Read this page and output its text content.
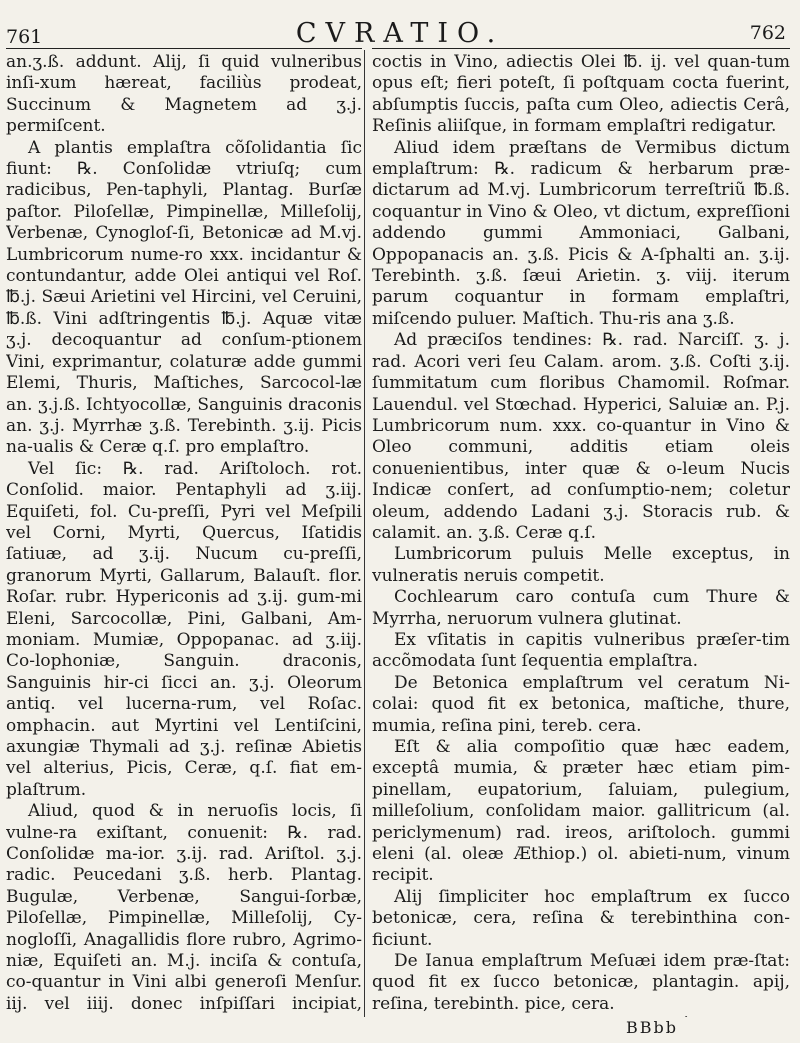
761	CVRATIO.	762

an.ʒ.ß. addunt. Alij, ſi quid vulneribus inſi-xum hæreat, faciliùs prodeat, Succinum & Magnetem ad ʒ.j. permiſcent.

A plantis emplaſtra cõſolidantia ſic fiunt: ℞. Conſolidæ vtriuſq; cum radicibus, Pen-taphyli, Plantag. Burſæ paſtor. Piloſellæ, Pimpinellæ, Milleſolij, Verbenæ, Cynogloſ-ſi, Betonicæ ad M.vj. Lumbricorum nume-ro xxx. incidantur & contundantur, adde Olei antiqui vel Roſ. ℔.j. Sæui Arietini vel Hircini, vel Ceruini, ℔.ß. Vini adſtringentis ℔.j. Aquæ vitæ ʒ.j. decoquantur ad conſum-ptionem Vini, exprimantur, colaturæ adde gummi Elemi, Thuris, Maſtiches, Sarcocol-læ an. ʒ.j.ß. Ichtyocollæ, Sanguinis draconis an. ʒ.j. Myrrhæ ʒ.ß. Terebinth. ʒ.ij. Picis na-ualis & Ceræ q.ſ. pro emplaſtro.

Vel ſic: ℞. rad. Ariſtoloch. rot. Conſolid. maior. Pentaphyli ad ʒ.iij. Equiſeti, fol. Cu-preſſi, Pyri vel Meſpili vel Corni, Myrti, Quercus, Iſatidis ſatiuæ, ad ʒ.ij. Nucum cu-preſſi, granorum Myrti, Gallarum, Balauſt. flor. Roſar. rubr. Hypericonis ad ʒ.ij. gum-mi Eleni, Sarcocollæ, Pini, Galbani, Am-moniam. Mumiæ, Oppopanac. ad ʒ.iij. Co-lophoniæ, Sanguin. draconis, Sanguinis hir-ci ſicci an. ʒ.j. Oleorum antiq. vel lucerna-rum, vel Roſac. omphacin. aut Myrtini vel Lentiſcini, axungiæ Thymali ad ʒ.j. reſinæ Abietis vel alterius, Picis, Ceræ, q.ſ. fiat em-plaſtrum.

Aliud, quod & in neruoſis locis, ſi vulne-ra exiſtant, conuenit: ℞. rad. Conſolidæ ma-ior. ʒ.ij. rad. Ariſtol. ʒ.j. radic. Peucedani ʒ.ß. herb. Plantag. Bugulæ, Verbenæ, Sangui-ſorbæ, Piloſellæ, Pimpinellæ, Milleſolij, Cy-nogloſſi, Anagallidis flore rubro, Agrimo-niæ, Equiſeti an. M.j. inciſa & contuſa, co-quantur in Vini albi generoſi Menſur. iij. vel iiij. donec inſpiſſari incipiat,

coctis in Vino, adiectis Olei ℔. ij. vel quan-tum opus eſt; fieri poteſt, ſi poſtquam cocta fuerint, abſumptis ſuccis, paſta cum Oleo, adiectis Cerâ, Reſinis aliiſque, in formam emplaſtri redigatur.

Aliud idem præſtans de Vermibus dictum emplaſtrum: ℞. radicum & herbarum præ-dictarum ad M.vj. Lumbricorum terreſtriũ ℔.ß. coquantur in Vino & Oleo, vt dictum, expreſſioni addendo gummi Ammoniaci, Galbani, Oppopanacis an. ʒ.ß. Picis & A-ſphalti an. ʒ.ij. Terebinth. ʒ.ß. ſæui Arietin. ʒ. viij. iterum parum coquantur in formam emplaſtri, miſcendo puluer. Maſtich. Thu-ris ana ʒ.ß.

Ad præciſos tendines: ℞. rad. Narciſſ. ʒ. j. rad. Acori veri ſeu Calam. arom. ʒ.ß. Coſti ʒ.ij. ſummitatum cum floribus Chamomil. Roſmar. Lauendul. vel Stœchad. Hyperici, Saluiæ an. P.j. Lumbricorum num. xxx. co-quantur in Vino & Oleo communi, additis etiam oleis conuenientibus, inter quæ & o-leum Nucis Indicæ conſert, ad conſumptio-nem; coletur oleum, addendo Ladani ʒ.j. Storacis rub. & calamit. an. ʒ.ß. Ceræ q.ſ.

Lumbricorum puluis Melle exceptus, in vulneratis neruis competit.

Cochlearum caro contuſa cum Thure & Myrrha, neruorum vulnera glutinat.

Ex vſitatis in capitis vulneribus præſer-tim accõmodata ſunt ſequentia emplaſtra.

De Betonica emplaſtrum vel ceratum Ni-colai: quod fit ex betonica, maſtiche, thure, mumia, reſina pini, tereb. cera.

Eſt & alia compoſitio quæ hæc eadem, exceptâ mumia, & præter hæc etiam pim-pinellam, eupatorium, ſaluiam, pulegium, milleſolium, conſolidam maior. gallitricum (al. periclymenum) rad. ireos, ariſtoloch. gummi eleni (al. oleæ Æthiop.) ol. abieti-num, vinum recipit.

Alij ſimpliciter hoc emplaſtrum ex ſucco betonicæ, cera, reſina & terebinthina con-ficiunt.

De Ianua emplaſtrum Meſuæi idem præ-ſtat: quod fit ex ſucco betonicæ, plantagin. apij, reſina, terebinth. pice, cera.

BBbb
